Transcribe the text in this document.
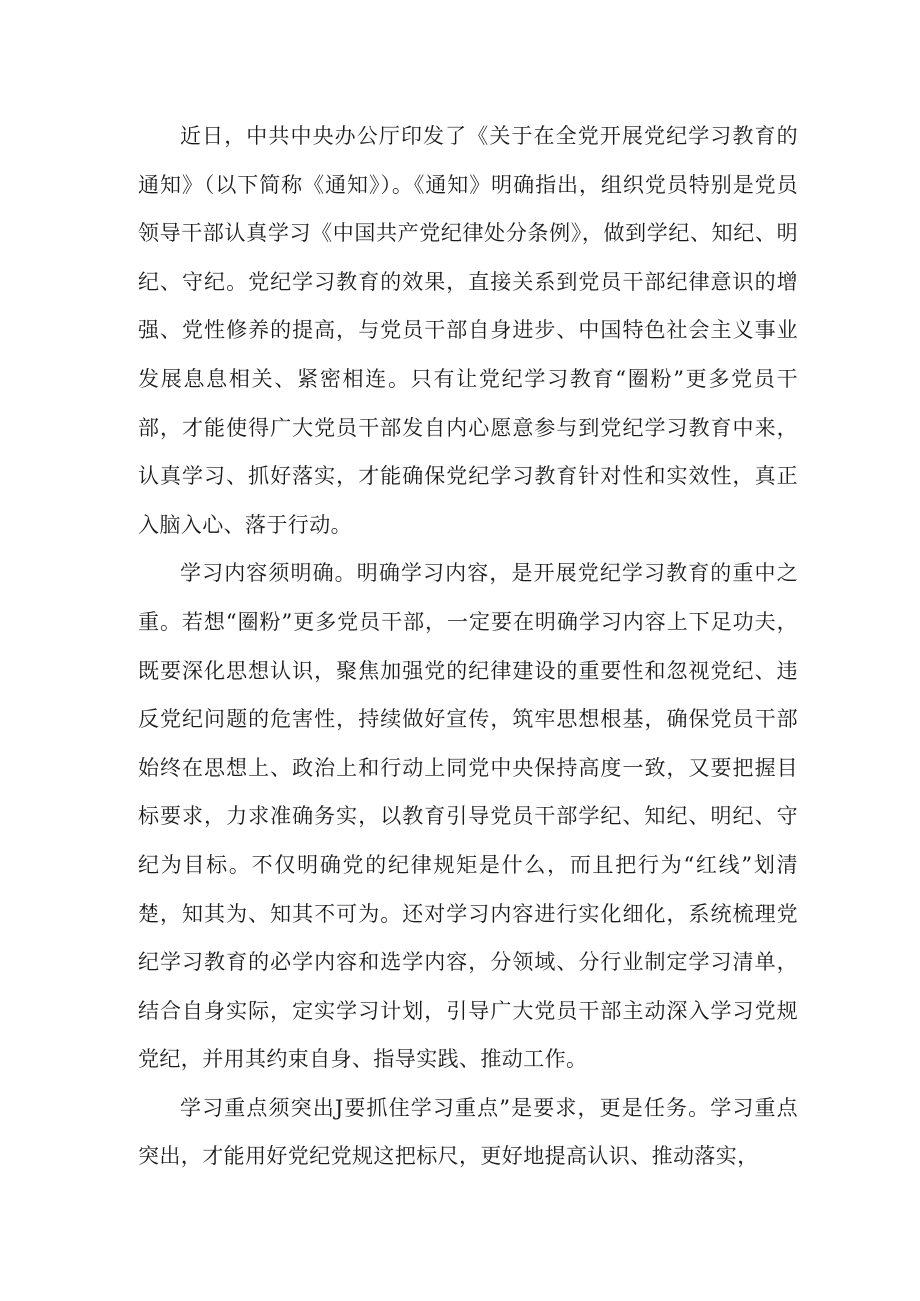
近日，中共中央办公厅印发了《关于在全党开展党纪学习教育的通知》（以下简称《通知》）。《通知》明确指出，组织党员特别是党员领导干部认真学习《中国共产党纪律处分条例》，做到学纪、知纪、明纪、守纪。党纪学习教育的效果，直接关系到党员干部纪律意识的增强、党性修养的提高，与党员干部自身进步、中国特色社会主义事业发展息息相关、紧密相连。只有让党纪学习教育“圈粉”更多党员干部，才能使得广大党员干部发自内心愿意参与到党纪学习教育中来，认真学习、抓好落实，才能确保党纪学习教育针对性和实效性，真正入脑入心、落于行动。

学习内容须明确。明确学习内容，是开展党纪学习教育的重中之重。若想“圈粉”更多党员干部，一定要在明确学习内容上下足功夫，既要深化思想认识，聚焦加强党的纪律建设的重要性和忽视党纪、违反党纪问题的危害性，持续做好宣传，筑牢思想根基，确保党员干部始终在思想上、政治上和行动上同党中央保持高度一致，又要把握目标要求，力求准确务实，以教育引导党员干部学纪、知纪、明纪、守纪为目标。不仅明确党的纪律规矩是什么，而且把行为“红线”划清楚，知其为、知其不可为。还对学习内容进行实化细化，系统梳理党纪学习教育的必学内容和选学内容，分领域、分行业制定学习清单，结合自身实际，定实学习计划，引导广大党员干部主动深入学习党规党纪，并用其约束自身、指导实践、推动工作。

学习重点须突出J要抓住学习重点”是要求，更是任务。学习重点突出，才能用好党纪党规这把标尺，更好地提高认识、推动落实，
